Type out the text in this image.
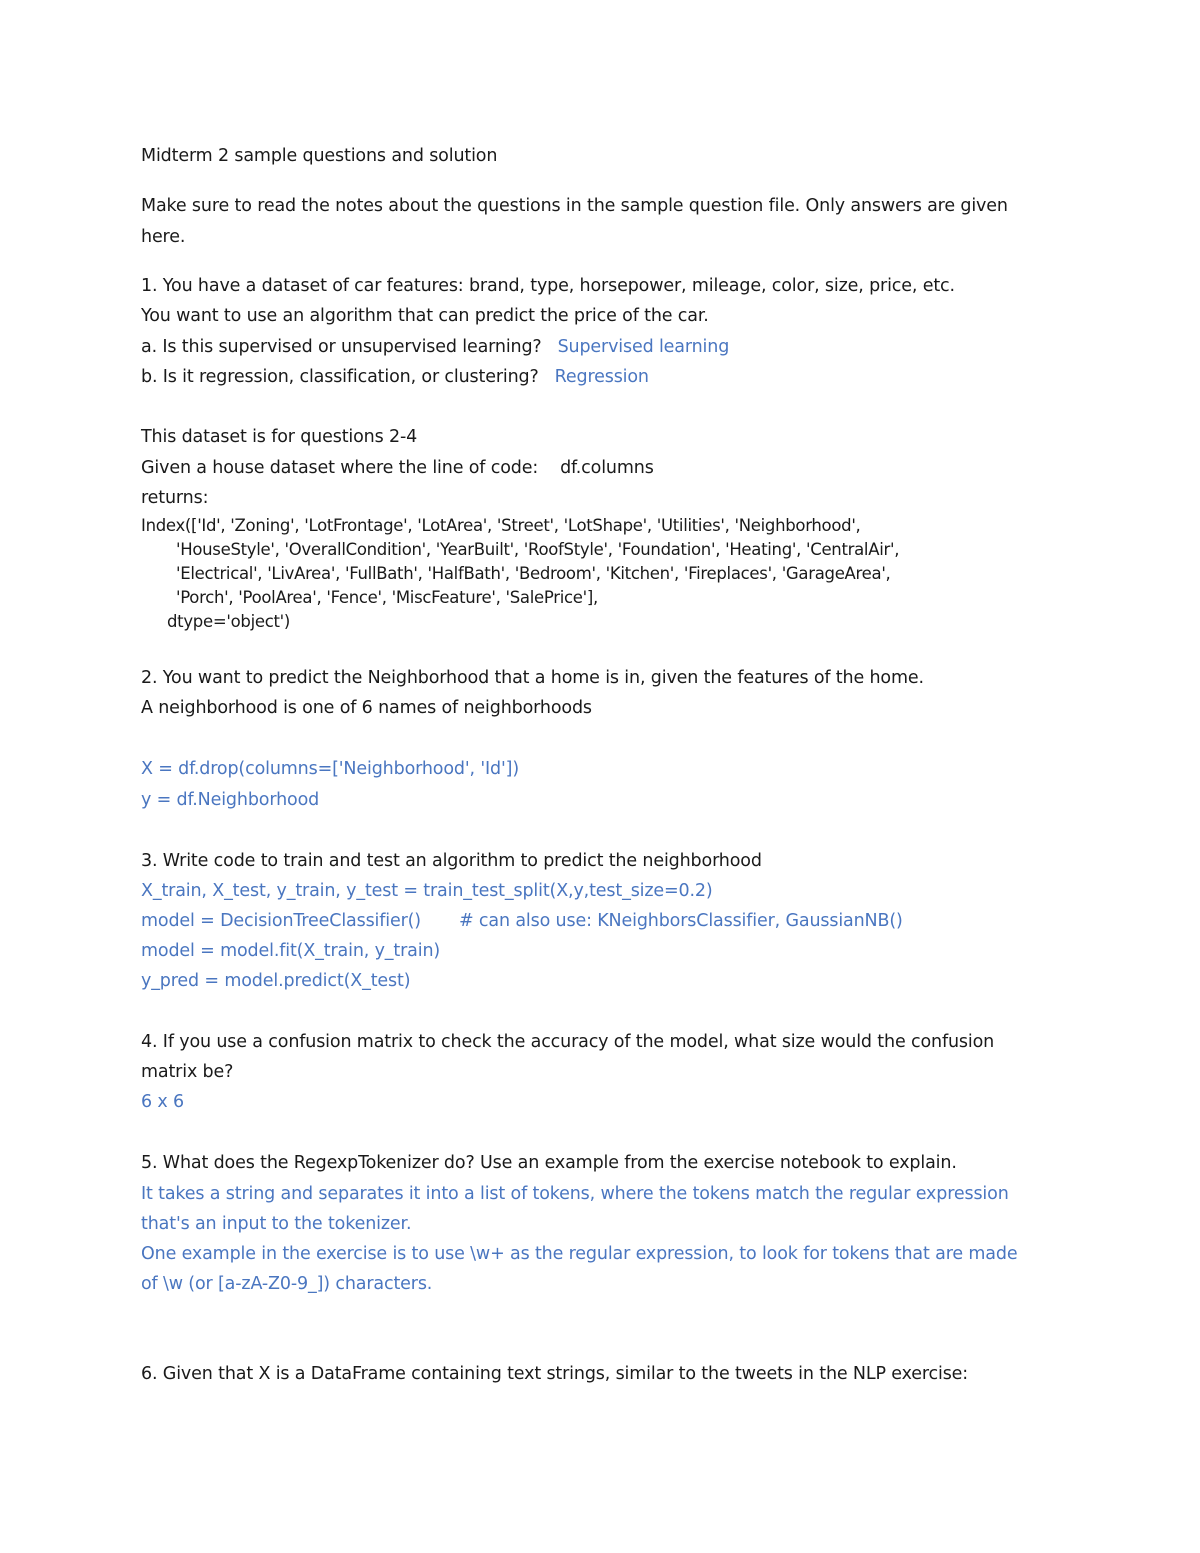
Midterm 2 sample questions and solution

Make sure to read the notes about the questions in the sample question file. Only answers are given

here.

1. You have a dataset of car features: brand, type, horsepower, mileage, color, size, price, etc.

You want to use an algorithm that can predict the price of the car.

a. Is this supervised or unsupervised learning? Supervised learning

b. Is it regression, classification, or clustering? Regression

This dataset is for questions 2-4

Given a house dataset where the line of code: df.columns

returns:

Index(['Id', 'Zoning', 'LotFrontage', 'LotArea', 'Street', 'LotShape', 'Utilities', 'Neighborhood',

'HouseStyle', 'OverallCondition', 'YearBuilt', 'RoofStyle', 'Foundation', 'Heating', 'CentralAir',

'Electrical', 'LivArea', 'FullBath', 'HalfBath', 'Bedroom', 'Kitchen', 'Fireplaces', 'GarageArea',

'Porch', 'PoolArea', 'Fence', 'MiscFeature', 'SalePrice'],

dtype='object')

2. You want to predict the Neighborhood that a home is in, given the features of the home.

A neighborhood is one of 6 names of neighborhoods

X = df.drop(columns=['Neighborhood', 'Id'])

y = df.Neighborhood

3. Write code to train and test an algorithm to predict the neighborhood

X_train, X_test, y_train, y_test = train_test_split(X,y,test_size=0.2)

model = DecisionTreeClassifier() # can also use: KNeighborsClassifier, GaussianNB()

model = model.fit(X_train, y_train)

y_pred = model.predict(X_test)

4. If you use a confusion matrix to check the accuracy of the model, what size would the confusion

matrix be?

6 x 6

5. What does the RegexpTokenizer do? Use an example from the exercise notebook to explain.

It takes a string and separates it into a list of tokens, where the tokens match the regular expression

that's an input to the tokenizer.

One example in the exercise is to use \w+ as the regular expression, to look for tokens that are made

of \w (or [a-zA-Z0-9_]) characters.

6. Given that X is a DataFrame containing text strings, similar to the tweets in the NLP exercise:
